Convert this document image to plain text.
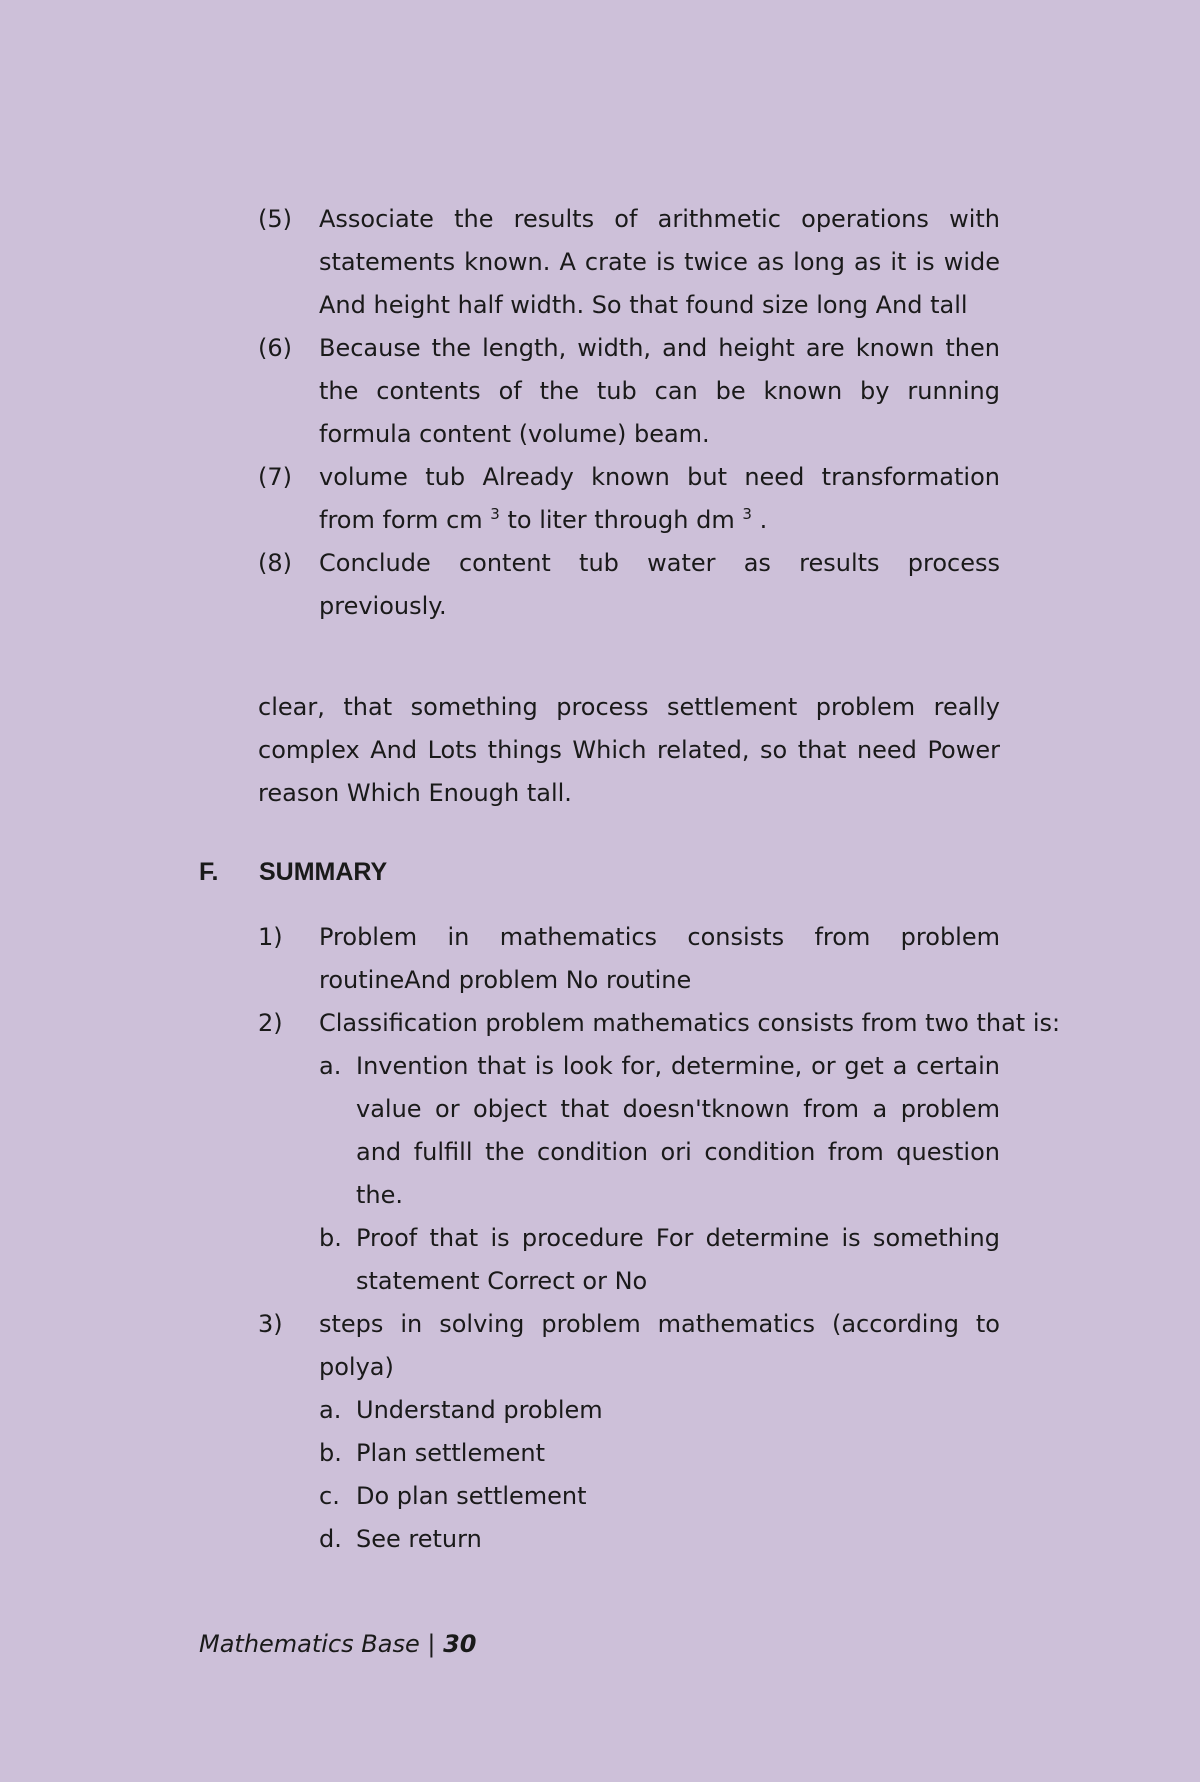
(5) Associate the results of arithmetic operations with statements known. A crate is twice as long as it is wide And height half width. So that found size long And tall
(6) Because the length, width, and height are known then the contents of the tub can be known by running formula content (volume) beam.
(7) volume tub Already known but need transformation from form cm $^3$ to liter through dm $^3$ .
(8) Conclude content tub water as results process previously.

clear, that something process settlement problem really complex And Lots things Which related, so that need Power reason Which Enough tall.

F. SUMMARY
1) Problem in mathematics consists from problem routineAnd problem No routine
2) Classification problem mathematics consists from two that is:
a. Invention that is look for, determine, or get a certain value or object that doesn'tknown from a problem and fulfill the condition ori condition from question the.
b. Proof that is procedure For determine is something statement Correct or No
3) steps in solving problem mathematics (according to polya)
a. Understand problem
b. Plan settlement
c. Do plan settlement
d. See return
Mathematics Base | 30
